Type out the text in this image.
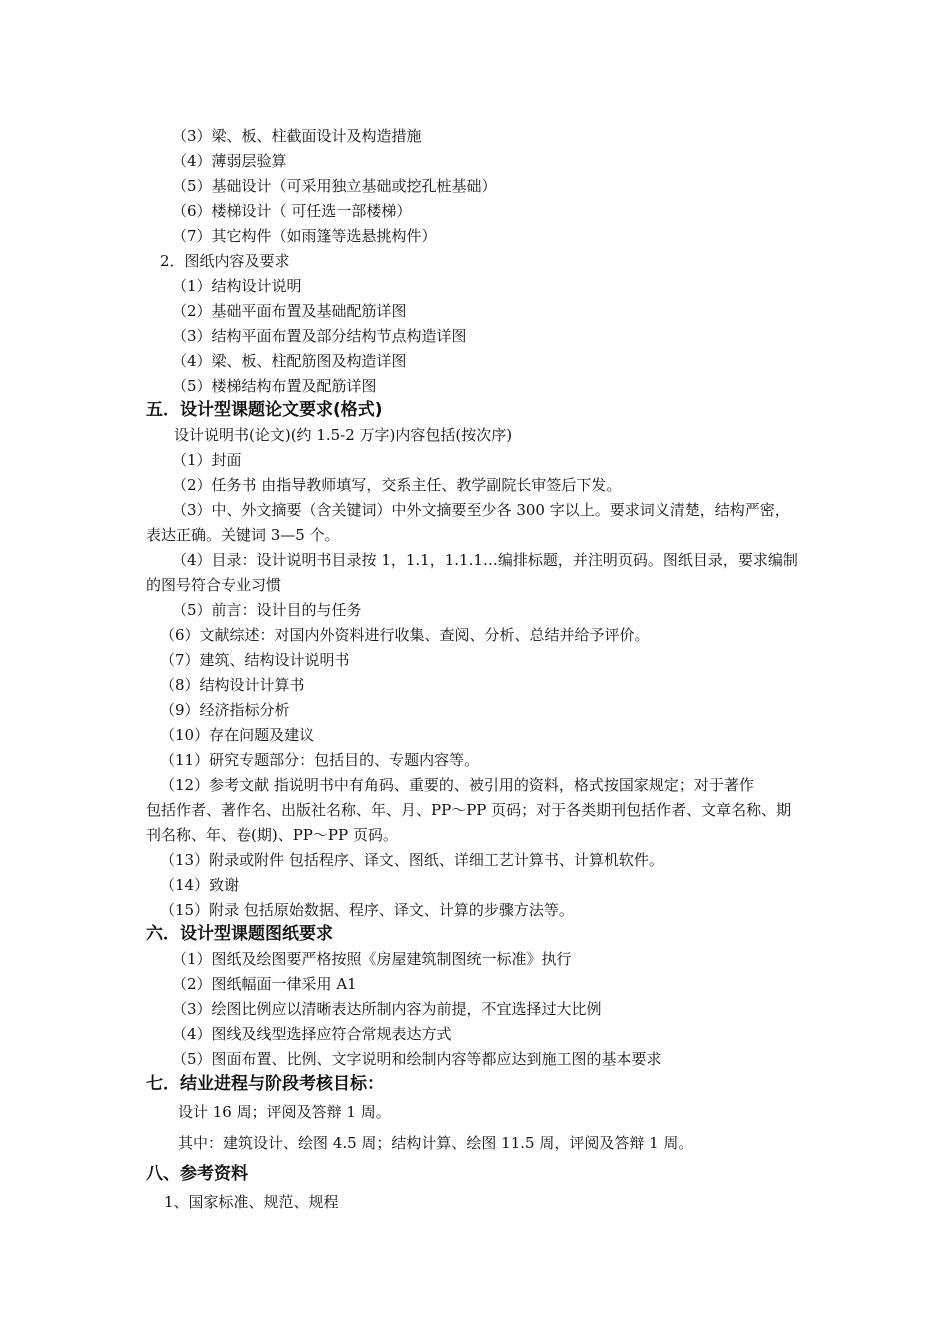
（3）梁、板、柱截面设计及构造措施
（4）薄弱层验算
（5）基础设计（可采用独立基础或挖孔桩基础）
（6）楼梯设计（ 可任选一部楼梯）
（7）其它构件（如雨篷等选悬挑构件）
2．图纸内容及要求
（1）结构设计说明
（2）基础平面布置及基础配筋详图
（3）结构平面布置及部分结构节点构造详图
（4）梁、板、柱配筋图及构造详图
（5）楼梯结构布置及配筋详图
五．设计型课题论文要求(格式)
设计说明书(论文)(约 1.5-2 万字)内容包括(按次序)
（1）封面
（2）任务书 由指导教师填写，交系主任、教学副院长审签后下发。
（3）中、外文摘要（含关键词）中外文摘要至少各 300 字以上。要求词义清楚，结构严密，
表达正确。关键词 3—5 个。
（4）目录：设计说明书目录按 1，1.1，1.1.1…编排标题，并注明页码。图纸目录，要求编制
的图号符合专业习惯
（5）前言：设计目的与任务
（6）文献综述：对国内外资料进行收集、查阅、分析、总结并给予评价。
（7）建筑、结构设计说明书
（8）结构设计计算书
（9）经济指标分析
（10）存在问题及建议
（11）研究专题部分：包括目的、专题内容等。
（12）参考文献 指说明书中有角码、重要的、被引用的资料，格式按国家规定；对于著作
包括作者、著作名、出版社名称、年、月、PP～PP 页码；对于各类期刊包括作者、文章名称、期
刊名称、年、卷(期)、PP～PP 页码。
（13）附录或附件 包括程序、译文、图纸、详细工艺计算书、计算机软件。
（14）致谢
（15）附录 包括原始数据、程序、译文、计算的步骤方法等。
六．设计型课题图纸要求
（1）图纸及绘图要严格按照《房屋建筑制图统一标准》执行
（2）图纸幅面一律采用 A1
（3）绘图比例应以清晰表达所制内容为前提，不宜选择过大比例
（4）图线及线型选择应符合常规表达方式
（5）图面布置、比例、文字说明和绘制内容等都应达到施工图的基本要求
七．结业进程与阶段考核目标：
设计 16 周；评阅及答辩 1 周。
其中：建筑设计、绘图 4.5 周；结构计算、绘图 11.5 周，评阅及答辩 1 周。
八、参考资料
1、国家标准、规范、规程
